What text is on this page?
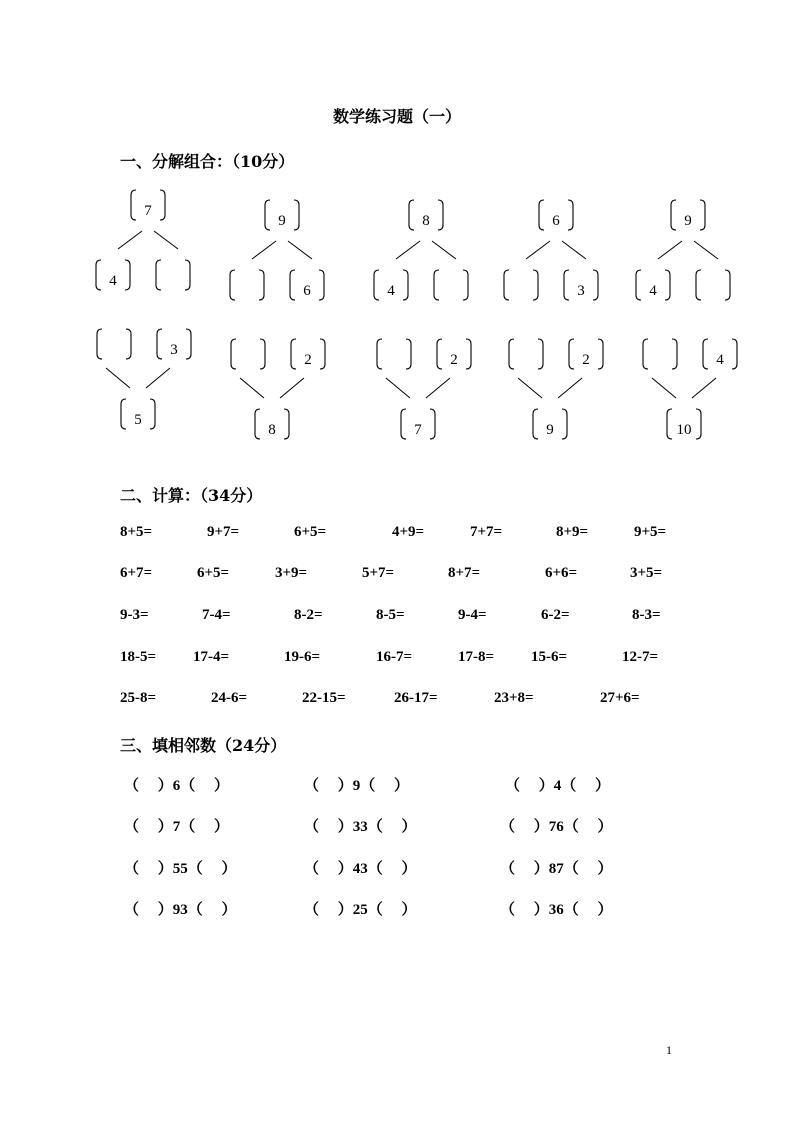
数学练习题（一）
一、分解组合：（10分）
7
4
9
6
8
4
6
3
9
4
3
5
2
8
2
7
2
9
4
10
二、计算：（34分）
8+5=	9+7=	6+5=	4+9=	7+7=	8+9=	9+5=
6+7=	6+5=	3+9=	5+7=	8+7=	6+6=	3+5=
9-3=	7-4=	8-2=	8-5=	9-4=	6-2=	8-3=
18-5= 17-4=	19-6=	16-7=	17-8= 15-6=	12-7=
25-8=	24-6=	22-15=	26-17=	23+8=	27+6=
三、填相邻数（24分）
（　 ）6（　 ）	（　 ）9（　 ）	（　 ）4（　 ）
（　 ）7（　 ）	（　 ）33（　 ）	（　 ）76（　 ）
（　 ）55（　 ）	（　 ）43（　 ）	（　 ）87（　 ）
（　 ）93（　 ）	（　 ）25（　 ）	（　 ）36（　 ）
1
